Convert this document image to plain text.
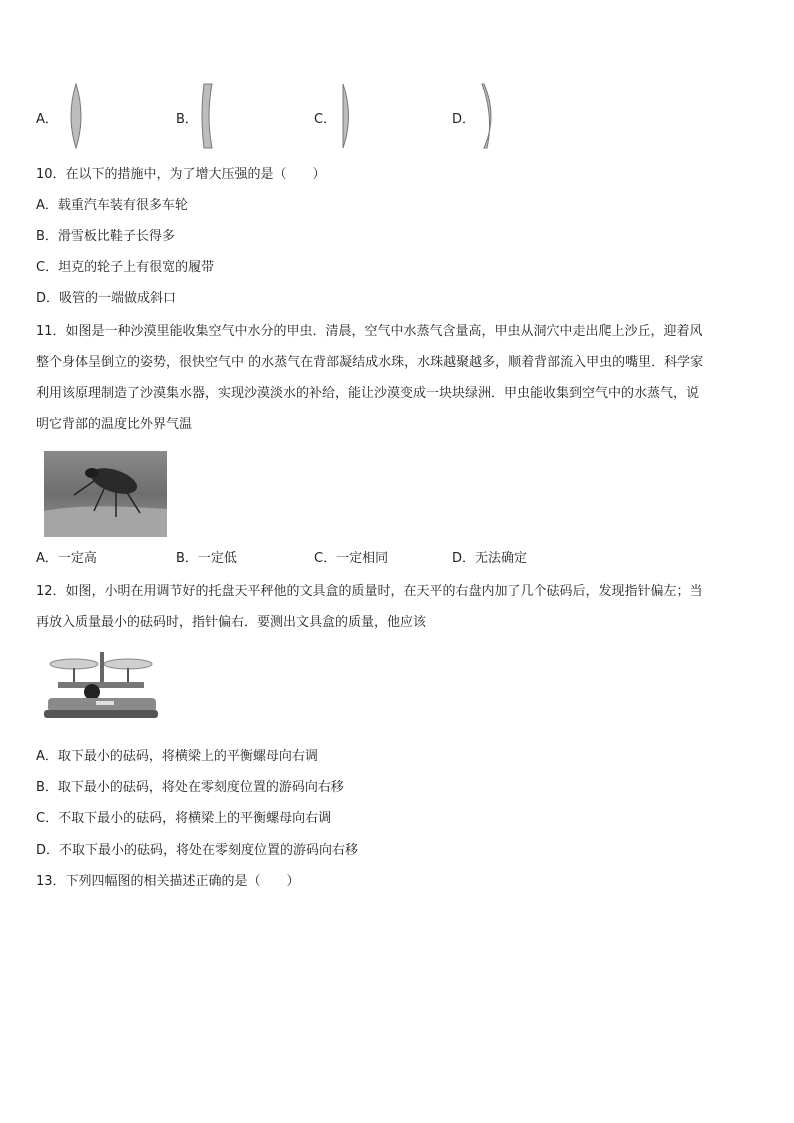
A．	B．	C．	D．
10．在以下的措施中，为了增大压强的是（　　）
A．载重汽车装有很多车轮
B．滑雪板比鞋子长得多
C．坦克的轮子上有很宽的履带
D．吸管的一端做成斜口
11．如图是一种沙漠里能收集空气中水分的甲虫．清晨，空气中水蒸气含量高，甲虫从洞穴中走出爬上沙丘，迎着风
整个身体呈倒立的姿势，很快空气中 的水蒸气在背部凝结成水珠，水珠越聚越多，顺着背部流入甲虫的嘴里．科学家
利用该原理制造了沙漠集水器，实现沙漠淡水的补给，能让沙漠变成一块块绿洲．甲虫能收集到空气中的水蒸气，说
明它背部的温度比外界气温
A．一定高	B．一定低	C．一定相同	D．无法确定
12．如图，小明在用调节好的托盘天平秤他的文具盒的质量时，在天平的右盘内加了几个砝码后，发现指针偏左；当
再放入质量最小的砝码时，指针偏右．要测出文具盒的质量，他应该
A．取下最小的砝码，将横梁上的平衡螺母向右调
B．取下最小的砝码，将处在零刻度位置的游码向右移
C．不取下最小的砝码，将横梁上的平衡螺母向右调
D．不取下最小的砝码，将处在零刻度位置的游码向右移
13．下列四幅图的相关描述正确的是（　　）
